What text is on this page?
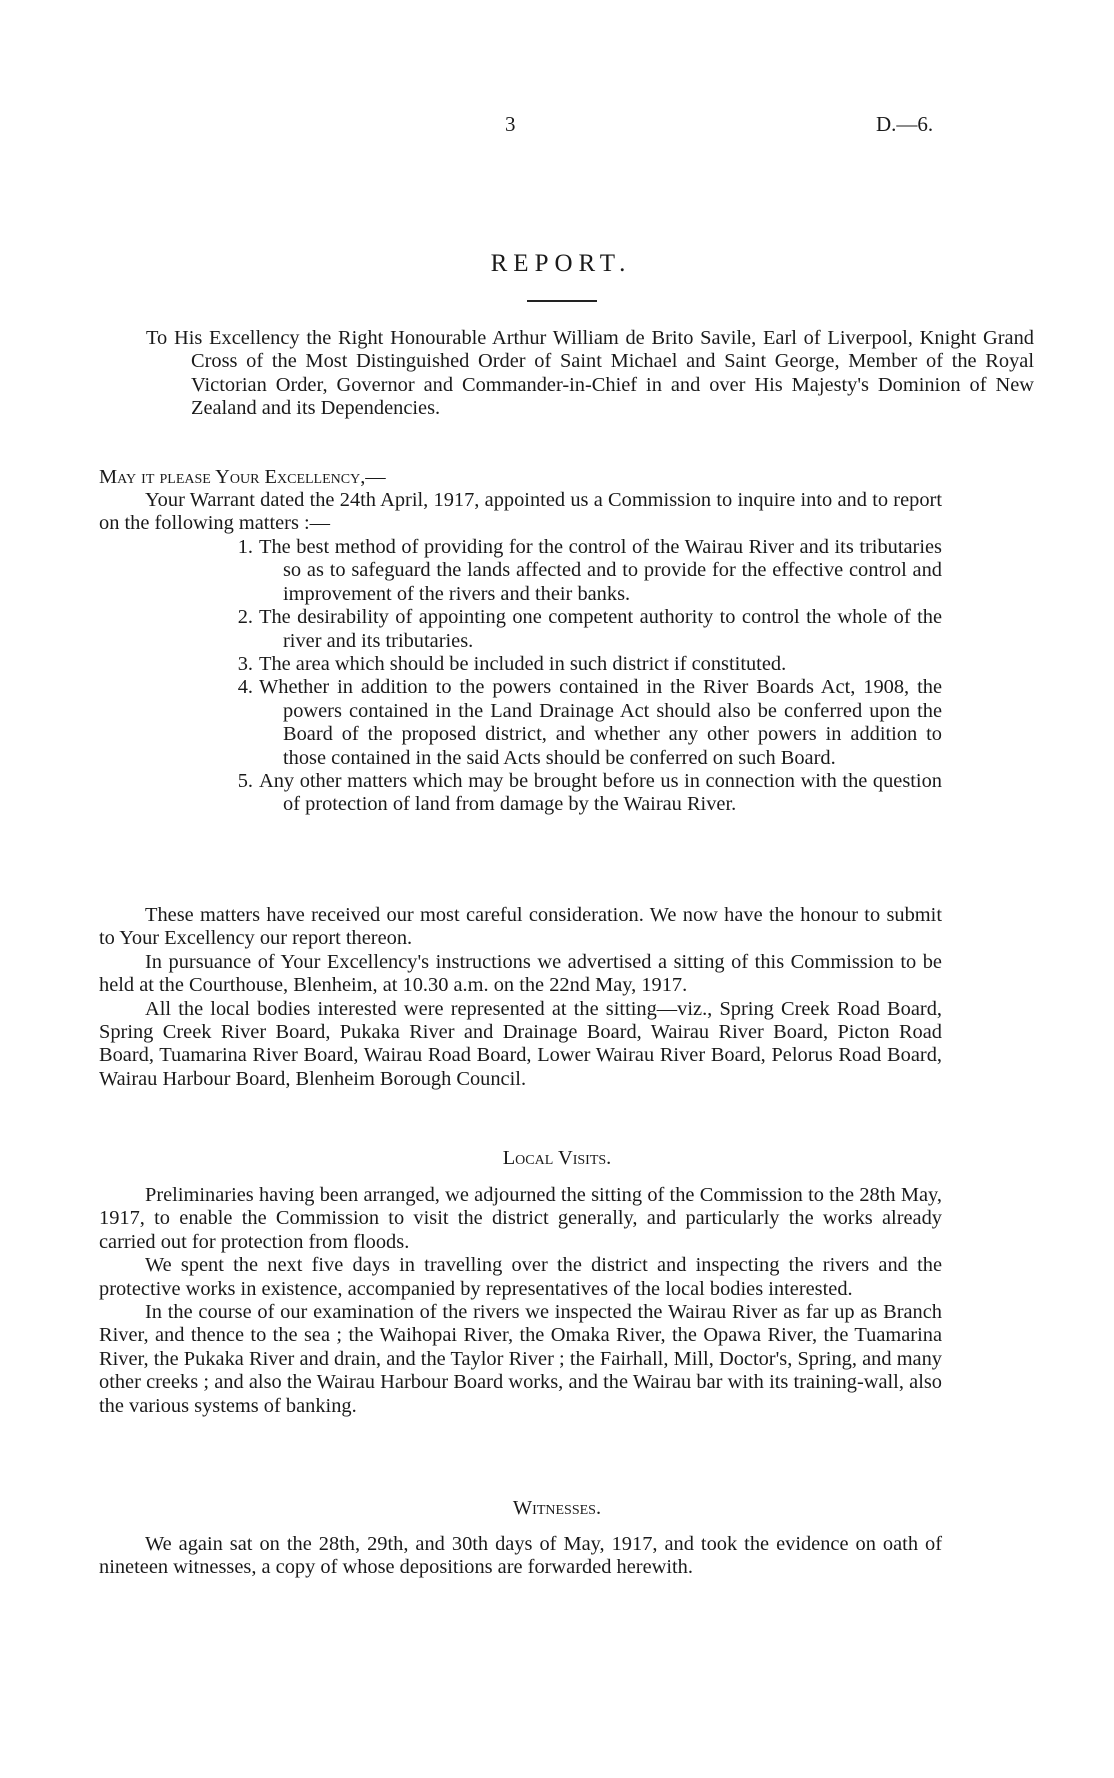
3	D.—6.
REPORT.
To His Excellency the Right Honourable Arthur William de Brito Savile, Earl of Liverpool, Knight Grand Cross of the Most Distinguished Order of Saint Michael and Saint George, Member of the Royal Victorian Order, Governor and Commander-in-Chief in and over His Majesty's Dominion of New Zealand and its Dependencies.
May it please Your Excellency,—

Your Warrant dated the 24th April, 1917, appointed us a Commission to inquire into and to report on the following matters :—

1. The best method of providing for the control of the Wairau River and its tributaries so as to safeguard the lands affected and to provide for the effective control and improvement of the rivers and their banks.
2. The desirability of appointing one competent authority to control the whole of the river and its tributaries.
3. The area which should be included in such district if constituted.
4. Whether in addition to the powers contained in the River Boards Act, 1908, the powers contained in the Land Drainage Act should also be conferred upon the Board of the proposed district, and whether any other powers in addition to those contained in the said Acts should be conferred on such Board.
5. Any other matters which may be brought before us in connection with the question of protection of land from damage by the Wairau River.

These matters have received our most careful consideration. We now have the honour to submit to Your Excellency our report thereon.

In pursuance of Your Excellency's instructions we advertised a sitting of this Commission to be held at the Courthouse, Blenheim, at 10.30 a.m. on the 22nd May, 1917.

All the local bodies interested were represented at the sitting—viz., Spring Creek Road Board, Spring Creek River Board, Pukaka River and Drainage Board, Wairau River Board, Picton Road Board, Tuamarina River Board, Wairau Road Board, Lower Wairau River Board, Pelorus Road Board, Wairau Harbour Board, Blenheim Borough Council.

Local Visits.

Preliminaries having been arranged, we adjourned the sitting of the Commission to the 28th May, 1917, to enable the Commission to visit the district generally, and particularly the works already carried out for protection from floods.

We spent the next five days in travelling over the district and inspecting the rivers and the protective works in existence, accompanied by representatives of the local bodies interested.

In the course of our examination of the rivers we inspected the Wairau River as far up as Branch River, and thence to the sea ; the Waihopai River, the Omaka River, the Opawa River, the Tuamarina River, the Pukaka River and drain, and the Taylor River ; the Fairhall, Mill, Doctor's, Spring, and many other creeks ; and also the Wairau Harbour Board works, and the Wairau bar with its training-wall, also the various systems of banking.

Witnesses.

We again sat on the 28th, 29th, and 30th days of May, 1917, and took the evidence on oath of nineteen witnesses, a copy of whose depositions are forwarded herewith.
